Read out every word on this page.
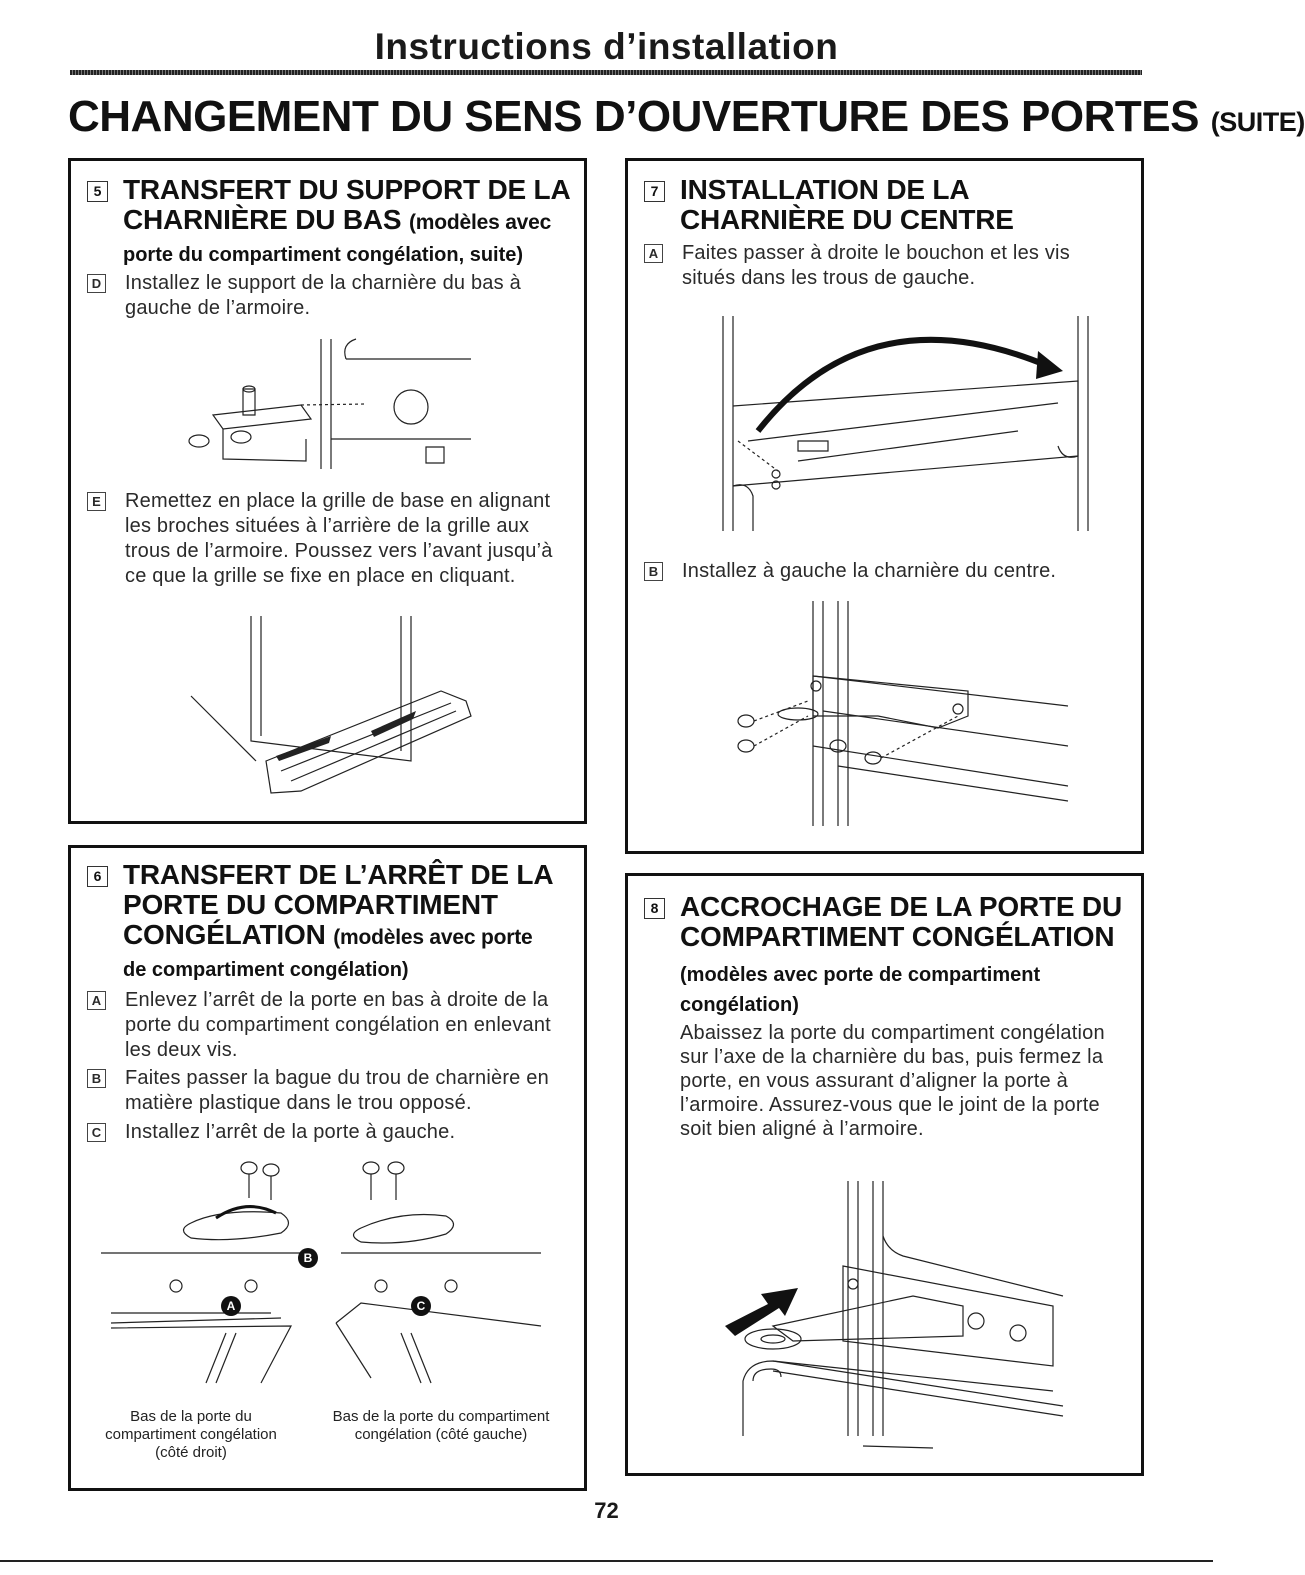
Instructions d’installation
CHANGEMENT DU SENS D’OUVERTURE DES PORTES (SUITE)
5 TRANSFERT DU SUPPORT DE LA CHARNIÈRE DU BAS (modèles avec
porte du compartiment congélation, suite)
D Installez le support de la charnière du bas à gauche de l’armoire.
E Remettez en place la grille de base en alignant les broches situées à l’arrière de la grille aux trous de l’armoire. Poussez vers l’avant jusqu’à ce que la grille se fixe en place en cliquant.
6 TRANSFERT DE L’ARRÊT DE LA PORTE DU COMPARTIMENT CONGÉLATION (modèles avec porte
de compartiment congélation)
A Enlevez l’arrêt de la porte en bas à droite de la porte du compartiment congélation en enlevant les deux vis.
B Faites passer la bague du trou de charnière en matière plastique dans le trou opposé.
C Installez l’arrêt de la porte à gauche.
B
A	C
Bas de la porte du compartiment congélation (côté droit)
Bas de la porte du compartiment congélation (côté gauche)
7 INSTALLATION DE LA CHARNIÈRE DU CENTRE
A Faites passer à droite le bouchon et les vis situés dans les trous de gauche.
B Installez à gauche la charnière du centre.
8 ACCROCHAGE DE LA PORTE DU COMPARTIMENT CONGÉLATION
(modèles avec porte de compartiment congélation)
Abaissez la porte du compartiment congélation sur l’axe de la charnière du bas, puis fermez la porte, en vous assurant d’aligner la porte à l’armoire. Assurez-vous que le joint de la porte soit bien aligné à l’armoire.
72
